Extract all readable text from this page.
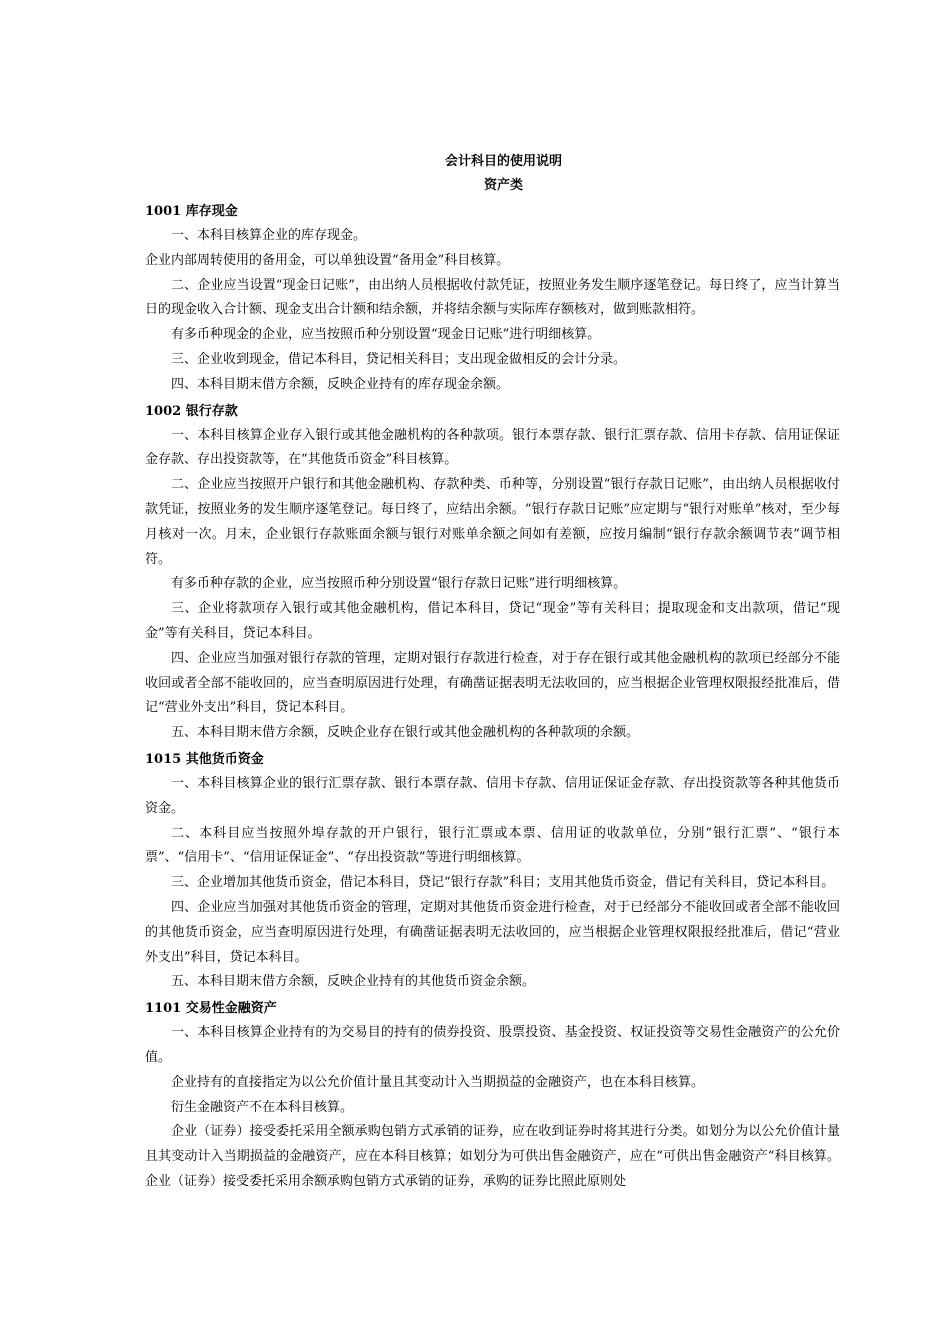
会计科目的使用说明
资产类
1001 库存现金

一、本科目核算企业的库存现金。

企业内部周转使用的备用金，可以单独设置“备用金”科目核算。

二、企业应当设置“现金日记账”，由出纳人员根据收付款凭证，按照业务发生顺序逐笔登记。每日终了，应当计算当日的现金收入合计额、现金支出合计额和结余额，并将结余额与实际库存额核对，做到账款相符。

有多币种现金的企业，应当按照币种分别设置“现金日记账”进行明细核算。

三、企业收到现金，借记本科目，贷记相关科目；支出现金做相反的会计分录。

四、本科目期末借方余额，反映企业持有的库存现金余额。

1002 银行存款

一、本科目核算企业存入银行或其他金融机构的各种款项。银行本票存款、银行汇票存款、信用卡存款、信用证保证金存款、存出投资款等，在“其他货币资金”科目核算。

二、企业应当按照开户银行和其他金融机构、存款种类、币种等，分别设置“银行存款日记账”，由出纳人员根据收付款凭证，按照业务的发生顺序逐笔登记。每日终了，应结出余额。“银行存款日记账”应定期与“银行对账单”核对，至少每月核对一次。月末，企业银行存款账面余额与银行对账单余额之间如有差额，应按月编制“银行存款余额调节表”调节相符。

有多币种存款的企业，应当按照币种分别设置“银行存款日记账”进行明细核算。

三、企业将款项存入银行或其他金融机构，借记本科目，贷记“现金”等有关科目；提取现金和支出款项，借记“现金”等有关科目，贷记本科目。

四、企业应当加强对银行存款的管理，定期对银行存款进行检查，对于存在银行或其他金融机构的款项已经部分不能收回或者全部不能收回的，应当查明原因进行处理，有确凿证据表明无法收回的，应当根据企业管理权限报经批准后，借记“营业外支出”科目，贷记本科目。

五、本科目期末借方余额，反映企业存在银行或其他金融机构的各种款项的余额。

1015 其他货币资金

一、本科目核算企业的银行汇票存款、银行本票存款、信用卡存款、信用证保证金存款、存出投资款等各种其他货币资金。

二、本科目应当按照外埠存款的开户银行，银行汇票或本票、信用证的收款单位，分别“银行汇票”、“银行本票”、“信用卡”、“信用证保证金”、“存出投资款”等进行明细核算。

三、企业增加其他货币资金，借记本科目，贷记“银行存款”科目；支用其他货币资金，借记有关科目，贷记本科目。

四、企业应当加强对其他货币资金的管理，定期对其他货币资金进行检查，对于已经部分不能收回或者全部不能收回的其他货币资金，应当查明原因进行处理，有确凿证据表明无法收回的，应当根据企业管理权限报经批准后，借记“营业外支出”科目，贷记本科目。

五、本科目期末借方余额，反映企业持有的其他货币资金余额。

1101 交易性金融资产

一、本科目核算企业持有的为交易目的持有的债券投资、股票投资、基金投资、权证投资等交易性金融资产的公允价值。

企业持有的直接指定为以公允价值计量且其变动计入当期损益的金融资产，也在本科目核算。

衍生金融资产不在本科目核算。

企业（证券）接受委托采用全额承购包销方式承销的证券，应在收到证券时将其进行分类。如划分为以公允价值计量且其变动计入当期损益的金融资产，应在本科目核算；如划分为可供出售金融资产，应在“可供出售金融资产“科目核算。企业（证券）接受委托采用余额承购包销方式承销的证券，承购的证券比照此原则处
